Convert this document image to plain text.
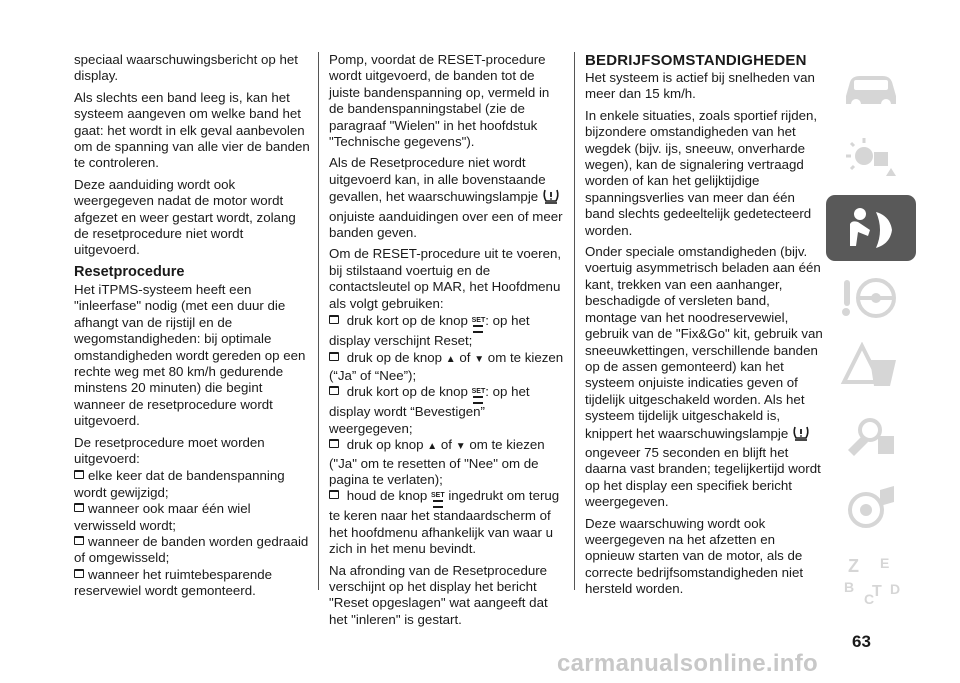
speciaal waarschuwingsbericht op het display.

Als slechts een band leeg is, kan het systeem aangeven om welke band het gaat: het wordt in elk geval aanbevolen om de spanning van alle vier de banden te controleren.

Deze aanduiding wordt ook weergegeven nadat de motor wordt afgezet en weer gestart wordt, zolang de resetprocedure niet wordt uitgevoerd.

Resetprocedure

Het iTPMS-systeem heeft een "inleerfase" nodig (met een duur die afhangt van de rijstijl en de wegomstandigheden: bij optimale omstandigheden wordt gereden op een rechte weg met 80 km/h gedurende minstens 20 minuten) die begint wanneer de resetprocedure wordt uitgevoerd.

De resetprocedure moet worden uitgevoerd:

elke keer dat de bandenspanning wordt gewijzigd;
wanneer ook maar één wiel verwisseld wordt;
wanneer de banden worden gedraaid of omgewisseld;
wanneer het ruimtebesparende reservewiel wordt gemonteerd.

Pomp, voordat de RESET-procedure wordt uitgevoerd, de banden tot de juiste bandenspanning op, vermeld in de bandenspanningstabel (zie de paragraaf "Wielen" in het hoofdstuk "Technische gegevens").

Als de Resetprocedure niet wordt uitgevoerd kan, in alle bovenstaande gevallen, het waarschuwingslampje  onjuiste aanduidingen over een of meer banden geven.

Om de RESET-procedure uit te voeren, bij stilstaand voertuig en de contactsleutel op MAR, het Hoofdmenu als volgt gebruiken:

druk kort op de knop SET: op het display verschijnt Reset;
druk op de knop ▲ of ▼ om te kiezen (“Ja” of “Nee”);
druk kort op de knop SET: op het display wordt “Bevestigen” weergegeven;
druk op knop ▲ of ▼ om te kiezen ("Ja" om te resetten of "Nee" om de pagina te verlaten);
houd de knop SET ingedrukt om terug te keren naar het standaardscherm of het hoofdmenu afhankelijk van waar u zich in het menu bevindt.

Na afronding van de Resetprocedure verschijnt op het display het bericht "Reset opgeslagen" wat aangeeft dat het "inleren" is gestart.

BEDRIJFSOMSTANDIGHEDEN

Het systeem is actief bij snelheden van meer dan 15 km/h.

In enkele situaties, zoals sportief rijden, bijzondere omstandigheden van het wegdek (bijv. ijs, sneeuw, onverharde wegen), kan de signalering vertraagd worden of kan het gelijktijdige spanningsverlies van meer dan één band slechts gedeeltelijk gedetecteerd worden.

Onder speciale omstandigheden (bijv. voertuig asymmetrisch beladen aan één kant, trekken van een aanhanger, beschadigde of versleten band, montage van het noodreservewiel, gebruik van de "Fix&Go" kit, gebruik van sneeuwkettingen, verschillende banden op de assen gemonteerd) kan het systeem onjuiste indicaties geven of tijdelijk uitgeschakeld worden. Als het systeem tijdelijk uitgeschakeld is, knippert het waarschuwingslampje  ongeveer 75 seconden en blijft het daarna vast branden; tegelijkertijd wordt op het display een specifiek bericht weergegeven.

Deze waarschuwing wordt ook weergegeven na het afzetten en opnieuw starten van de motor, als de correcte bedrijfsomstandigheden niet hersteld worden.

Z E
B
C
T D
63
carmanualsonline.info
